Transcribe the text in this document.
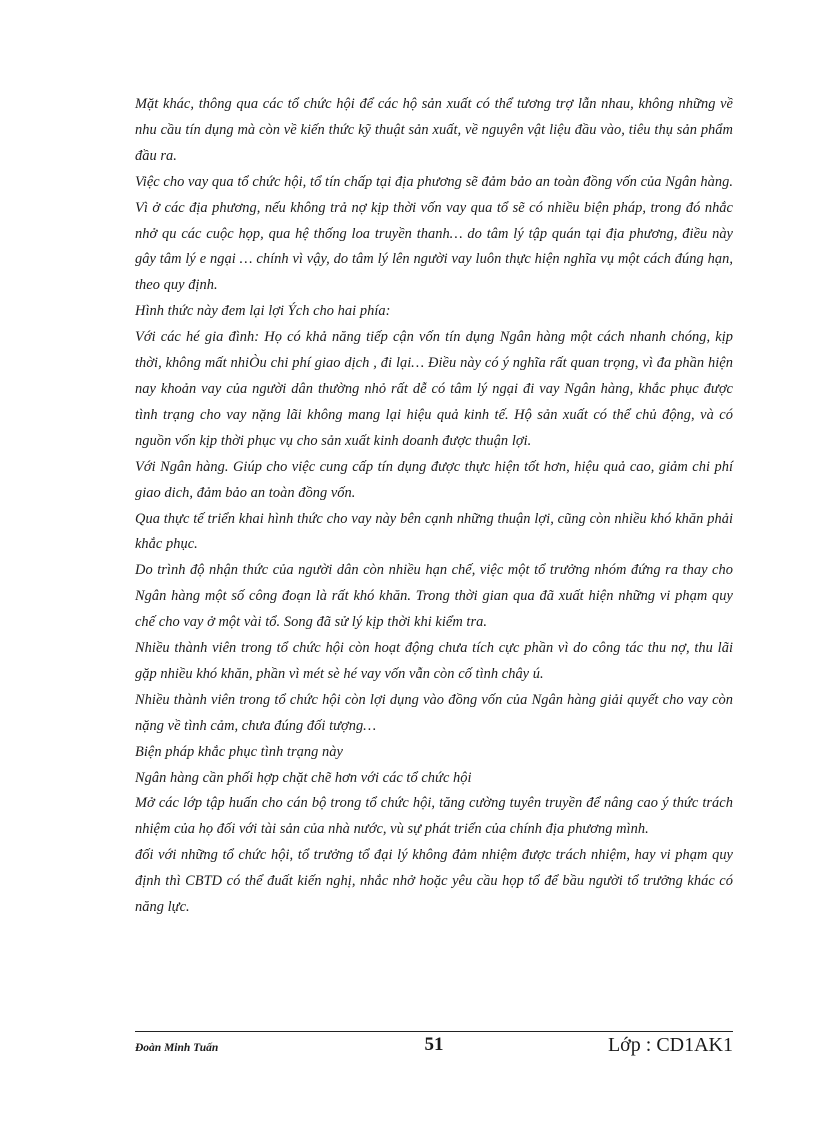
Mặt khác, thông qua các tổ chức hội để các hộ sản xuất có thể tương trợ lẫn nhau, không những về nhu cầu tín dụng mà còn về kiến thức kỹ thuật sản xuất, về nguyên vật liệu đầu vào, tiêu thụ sản phẩm đầu ra.

Việc cho vay qua tổ chức hội, tổ tín chấp tại địa phương sẽ đảm bảo an toàn đồng vốn của Ngân hàng. Vì ở các địa phương, nếu không trả nợ kịp thời vốn vay qua tổ sẽ có nhiều biện pháp, trong đó nhắc nhở qu các cuộc họp, qua hệ thống loa truyền thanh… do tâm lý tập quán tại địa phương, điều này gây tâm lý e ngại … chính vì vậy, do tâm lý lên người vay luôn thực hiện nghĩa vụ một cách đúng hạn, theo quy định.

Hình thức này đem lại lợi Ých cho hai phía:

Với các hé gia đình: Họ có khả năng tiếp cận vốn tín dụng Ngân hàng một cách nhanh chóng, kịp thời, không mất nhiÒu chi phí giao dịch , đi lại… Điều này có ý nghĩa rất quan trọng, vì đa phần hiện nay khoản vay của người dân thường nhỏ rất dễ có tâm lý ngại đi vay Ngân hàng, khắc phục được tình trạng cho vay nặng lãi không mang lại hiệu quả kinh tế. Hộ sản xuất có thể chủ động, và có nguồn vốn kịp thời phục vụ cho sản xuất kinh doanh được thuận lợi.

Với Ngân hàng. Giúp cho việc cung cấp tín dụng được thực hiện tốt hơn, hiệu quả cao, giảm chi phí giao dich, đảm bảo an toàn đồng vốn.

Qua thực tế triển khai hình thức cho vay này bên cạnh những thuận lợi, cũng còn nhiều khó khăn phải khắc phục.

Do trình độ nhận thức của người dân còn nhiều hạn chế, việc một tổ trưởng nhóm đứng ra thay cho Ngân hàng một số công đoạn là rất khó khăn. Trong thời gian qua đã xuất hiện những vi phạm quy chế cho vay ở một vài tổ. Song đã sử lý kịp thời khi kiểm tra.

Nhiều thành viên trong tổ chức hội còn hoạt động chưa tích cực phần vì do công tác thu nợ, thu lãi gặp nhiều khó khăn, phần vì mét sè hé vay vốn vẫn còn cố tình chây ú.

Nhiều thành viên trong tổ chức hội còn lợi dụng vào đồng vốn của Ngân hàng giải quyết cho vay còn nặng về tình cảm, chưa đúng đối tượng…

Biện pháp khắc phục tình trạng này

Ngân hàng cần phối hợp chặt chẽ hơn với các tổ chức hội

Mở các lớp tập huấn cho cán bộ trong tổ chức hội, tăng cường tuyên truyền để nâng cao ý thức trách nhiệm của họ đối với tài sản của nhà nước, vù sự phát triển của chính địa phương mình.

đối với những tổ chức hội, tổ trưởng tổ đại lý không đảm nhiệm được trách nhiệm, hay vi phạm quy định thì CBTD có thể đuất kiến nghị, nhắc nhở hoặc yêu cầu họp tổ để bầu người tổ trưởng khác có năng lực.

Đoàn Minh Tuấn	51	Lớp : CD1AK1
